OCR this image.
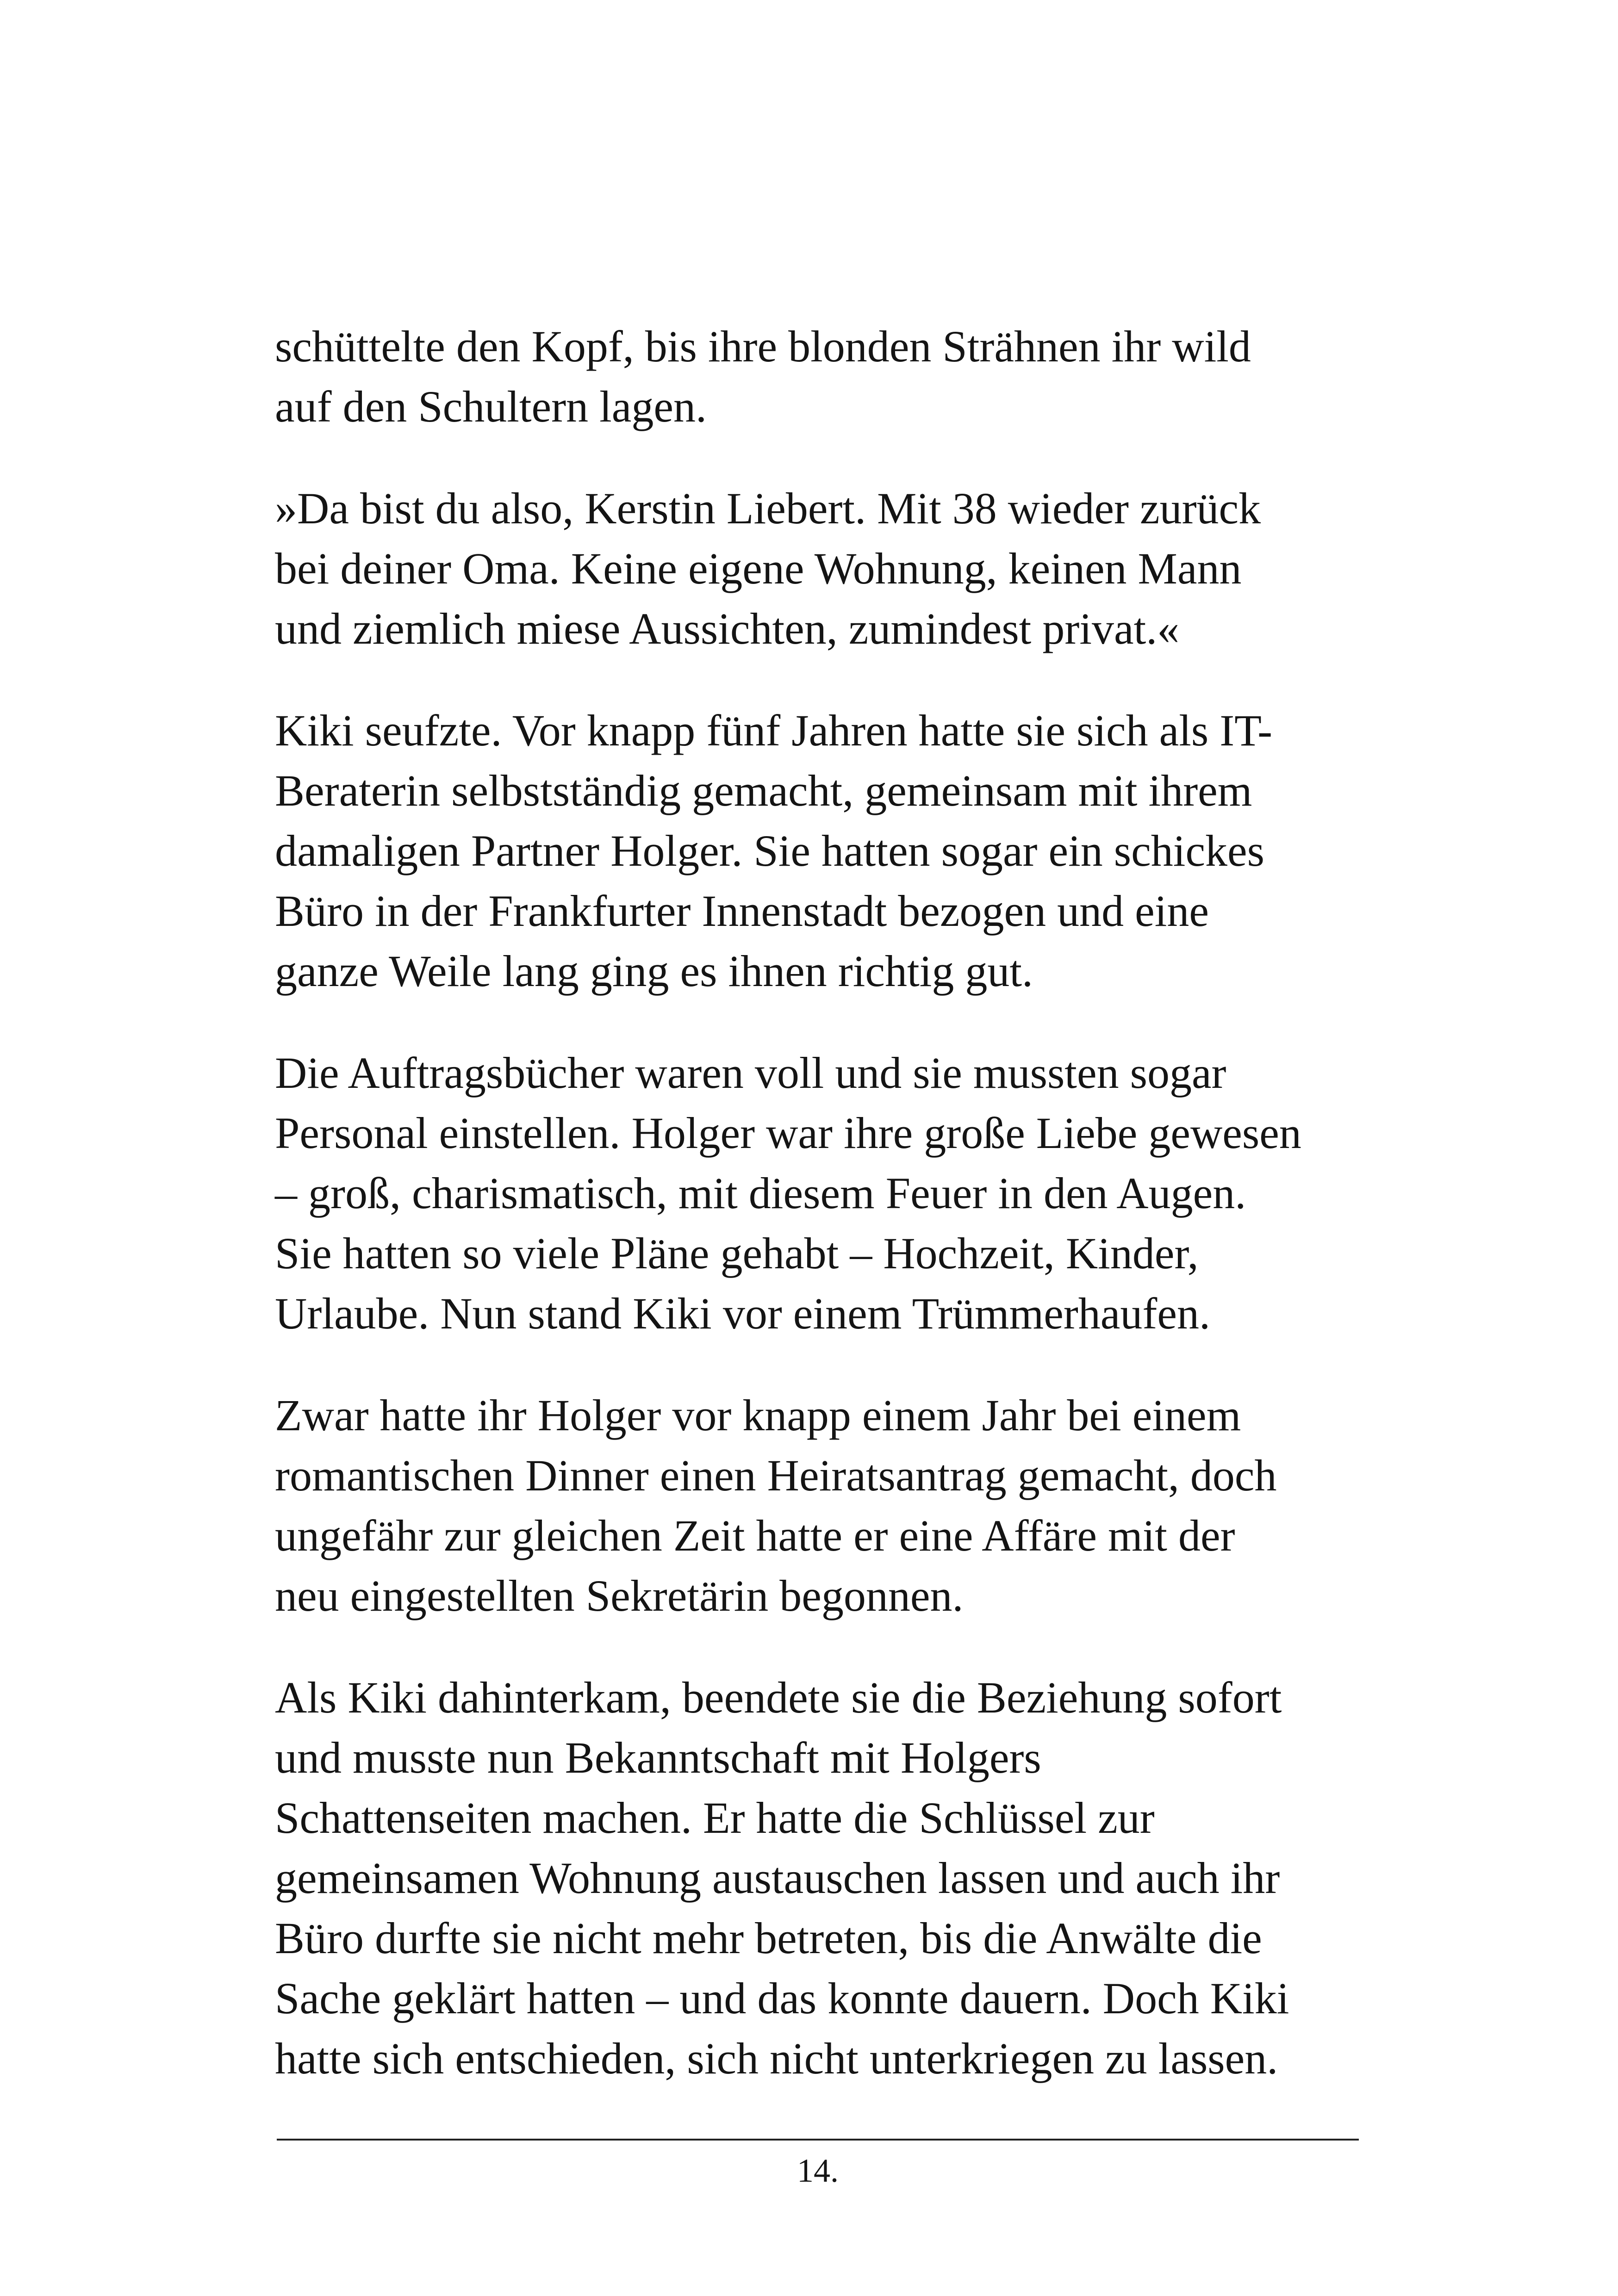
schüttelte den Kopf, bis ihre blonden Strähnen ihr wild
auf den Schultern lagen.
»Da bist du also, Kerstin Liebert. Mit 38 wieder zurück
bei deiner Oma. Keine eigene Wohnung, keinen Mann
und ziemlich miese Aussichten, zumindest privat.«
Kiki seufzte. Vor knapp fünf Jahren hatte sie sich als IT-
Beraterin selbstständig gemacht, gemeinsam mit ihrem
damaligen Partner Holger. Sie hatten sogar ein schickes
Büro in der Frankfurter Innenstadt bezogen und eine
ganze Weile lang ging es ihnen richtig gut.
Die Auftragsbücher waren voll und sie mussten sogar
Personal einstellen. Holger war ihre große Liebe gewesen
– groß, charismatisch, mit diesem Feuer in den Augen.
Sie hatten so viele Pläne gehabt – Hochzeit, Kinder,
Urlaube. Nun stand Kiki vor einem Trümmerhaufen.
Zwar hatte ihr Holger vor knapp einem Jahr bei einem
romantischen Dinner einen Heiratsantrag gemacht, doch
ungefähr zur gleichen Zeit hatte er eine Affäre mit der
neu eingestellten Sekretärin begonnen.
Als Kiki dahinterkam, beendete sie die Beziehung sofort
und musste nun Bekanntschaft mit Holgers
Schattenseiten machen. Er hatte die Schlüssel zur
gemeinsamen Wohnung austauschen lassen und auch ihr
Büro durfte sie nicht mehr betreten, bis die Anwälte die
Sache geklärt hatten – und das konnte dauern. Doch Kiki
hatte sich entschieden, sich nicht unterkriegen zu lassen.
14.
